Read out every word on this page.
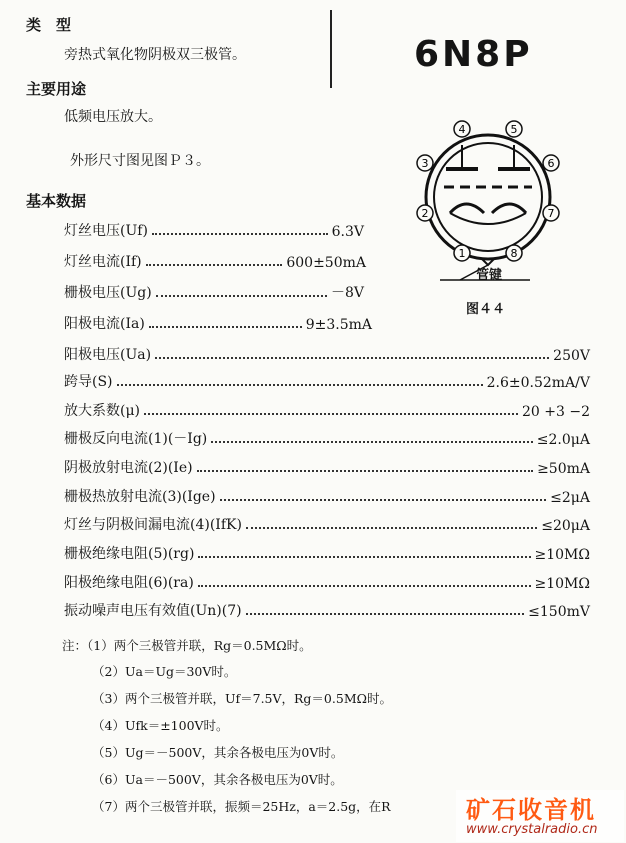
类　型
旁热式氧化物阴极双三极管。	6N8P
主要用途
低频电压放大。
外形尺寸图见图Ｐ３。
基本数据
4	5
3	6
2	7
1	8
管键
图４４
灯丝电压(Uf)	6.3V
灯丝电流(If)	600±50mA
栅极电压(Ug)	－8V
阳极电流(Ia)	9±3.5mA
阳极电压(Ua)	250V
跨导(S)	2.6±0.52mA/V
放大系数(μ)	20 +3 −2
栅极反向电流(1)(－Ig)	≤2.0μA
阴极放射电流(2)(Ie)	≥50mA
栅极热放射电流(3)(Ige)	≤2μA
灯丝与阴极间漏电流(4)(IfK)	≤20μA
栅极绝缘电阻(5)(rg)	≥10MΩ
阳极绝缘电阻(6)(ra)	≥10MΩ
振动噪声电压有效值(Un)(7)	≤150mV
注：（1）两个三极管并联，Rg＝0.5MΩ时。
（2）Ua＝Ug＝30V时。
（3）两个三极管并联，Uf＝7.5V，Rg＝0.5MΩ时。
（4）Ufk＝±100V时。
（5）Ug＝－500V，其余各极电压为0V时。
（6）Ua＝－500V，其余各极电压为0V时。
（7）两个三极管并联，振频＝25Hz，a＝2.5g，在R	矿石收音机
www.crystalradio.cn
